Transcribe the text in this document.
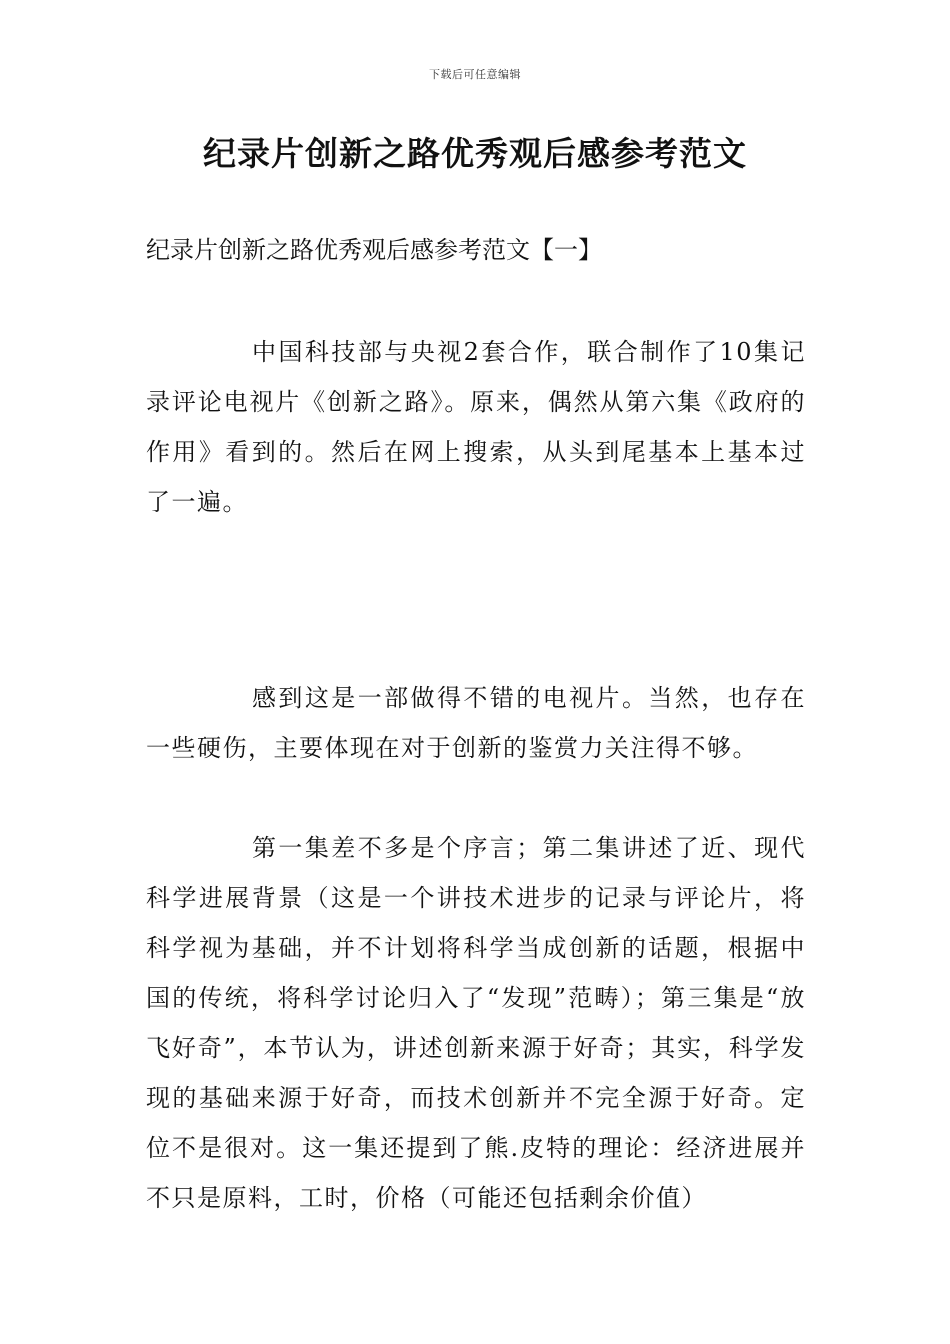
下载后可任意编辑
纪录片创新之路优秀观后感参考范文
纪录片创新之路优秀观后感参考范文【一】

中国科技部与央视2套合作，联合制作了10集记录评论电视片《创新之路》。原来，偶然从第六集《政府的作用》看到的。然后在网上搜索，从头到尾基本上基本过了一遍。

感到这是一部做得不错的电视片。当然，也存在一些硬伤，主要体现在对于创新的鉴赏力关注得不够。

第一集差不多是个序言；第二集讲述了近、现代科学进展背景（这是一个讲技术进步的记录与评论片，将科学视为基础，并不计划将科学当成创新的话题，根据中国的传统，将科学讨论归入了“发现”范畴）；第三集是“放飞好奇”，本节认为，讲述创新来源于好奇；其实，科学发现的基础来源于好奇，而技术创新并不完全源于好奇。定位不是很对。这一集还提到了熊.皮特的理论：经济进展并不只是原料，工时，价格（可能还包括剩余价值）
